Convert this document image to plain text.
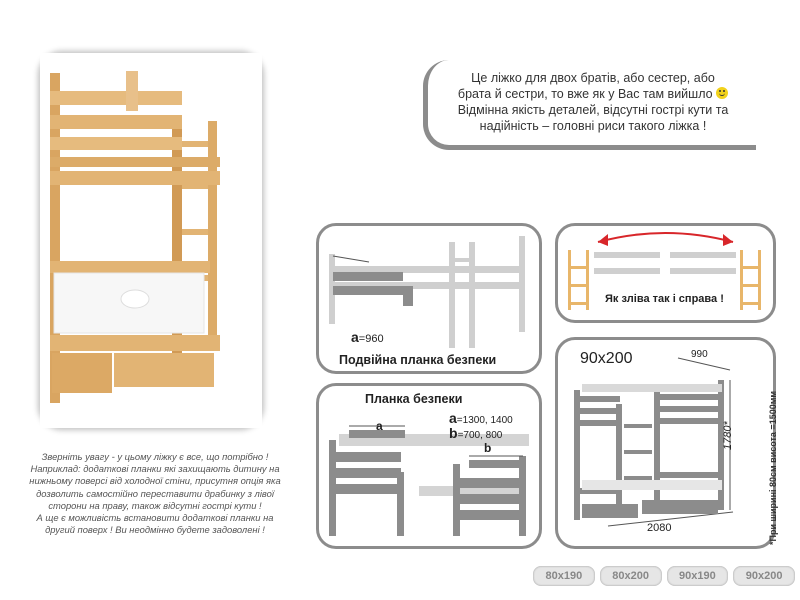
Це ліжко для двох братів, або сестер, або
брата й сестри, то вже як у Вас там вийшло
Відмінна якість деталей, відсутні гострі кути та
надійність – головні риси такого ліжка !
a=960
Подвійна планка безпеки
Як зліва так і справа !
Планка безпеки
a=1300, 1400
b=700, 800
a
b
90x200	990
1780*
2080	*При ширині 80см висота =1500мм
Зверніть увагу - у цьому ліжку є все, що потрібно !
Наприклад: додаткові планки які захищають дитину на
нижньому поверсі від холодної стіни, присутня опція яка
дозволить самостійно переставити драбинку з лівої
сторони на праву, також відсутні гострі кути !
А ще є можливість встановити додаткові планки на
другий поверх ! Ви неодмінно будете задоволені !
80x190	80x200	90x190	90x200
